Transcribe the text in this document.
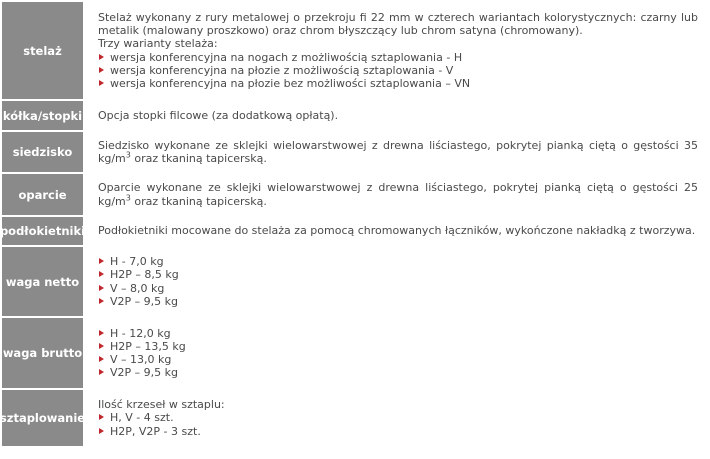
stelaż

Stelaż wykonany z rury metalowej o przekroju fi 22 mm w czterech wariantach kolorystycznych: czarny lub metalik (malowany proszkowo) oraz chrom błyszczący lub chrom satyna (chromowany).

Trzy warianty stelaża:

wersja konferencyjna na nogach z możliwością sztaplowania - H
wersja konferencyjna na płozie z możliwością sztaplowania - V
wersja konferencyjna na płozie bez możliwości sztaplowania – VN
kółka/stopki Opcja stopki filcowe (za dodatkową opłatą).

siedzisko	Siedzisko wykonane ze sklejki wielowarstwowej z drewna liściastego, pokrytej pianką ciętą o gęstości 35 $kg/m^3$ oraz tkaniną tapicerską.

oparcie	Oparcie wykonane ze sklejki wielowarstwowej z drewna liściastego, pokrytej pianką ciętą o gęstości 25 $kg/m^3$ oraz tkaniną tapicerską.

podłokietniki Podłokietniki mocowane do stelaża za pomocą chromowanych łączników, wykończone nakładką z tworzywa.

waga netto
H - 7,0 kg
H2P – 8,5 kg
V – 8,0 kg
V2P – 9,5 kg
waga brutto
H - 12,0 kg
H2P – 13,5 kg
V – 13,0 kg
V2P – 9,5 kg
sztaplowanie

Ilość krzeseł w sztaplu:

H, V - 4 szt.
H2P, V2P - 3 szt.
